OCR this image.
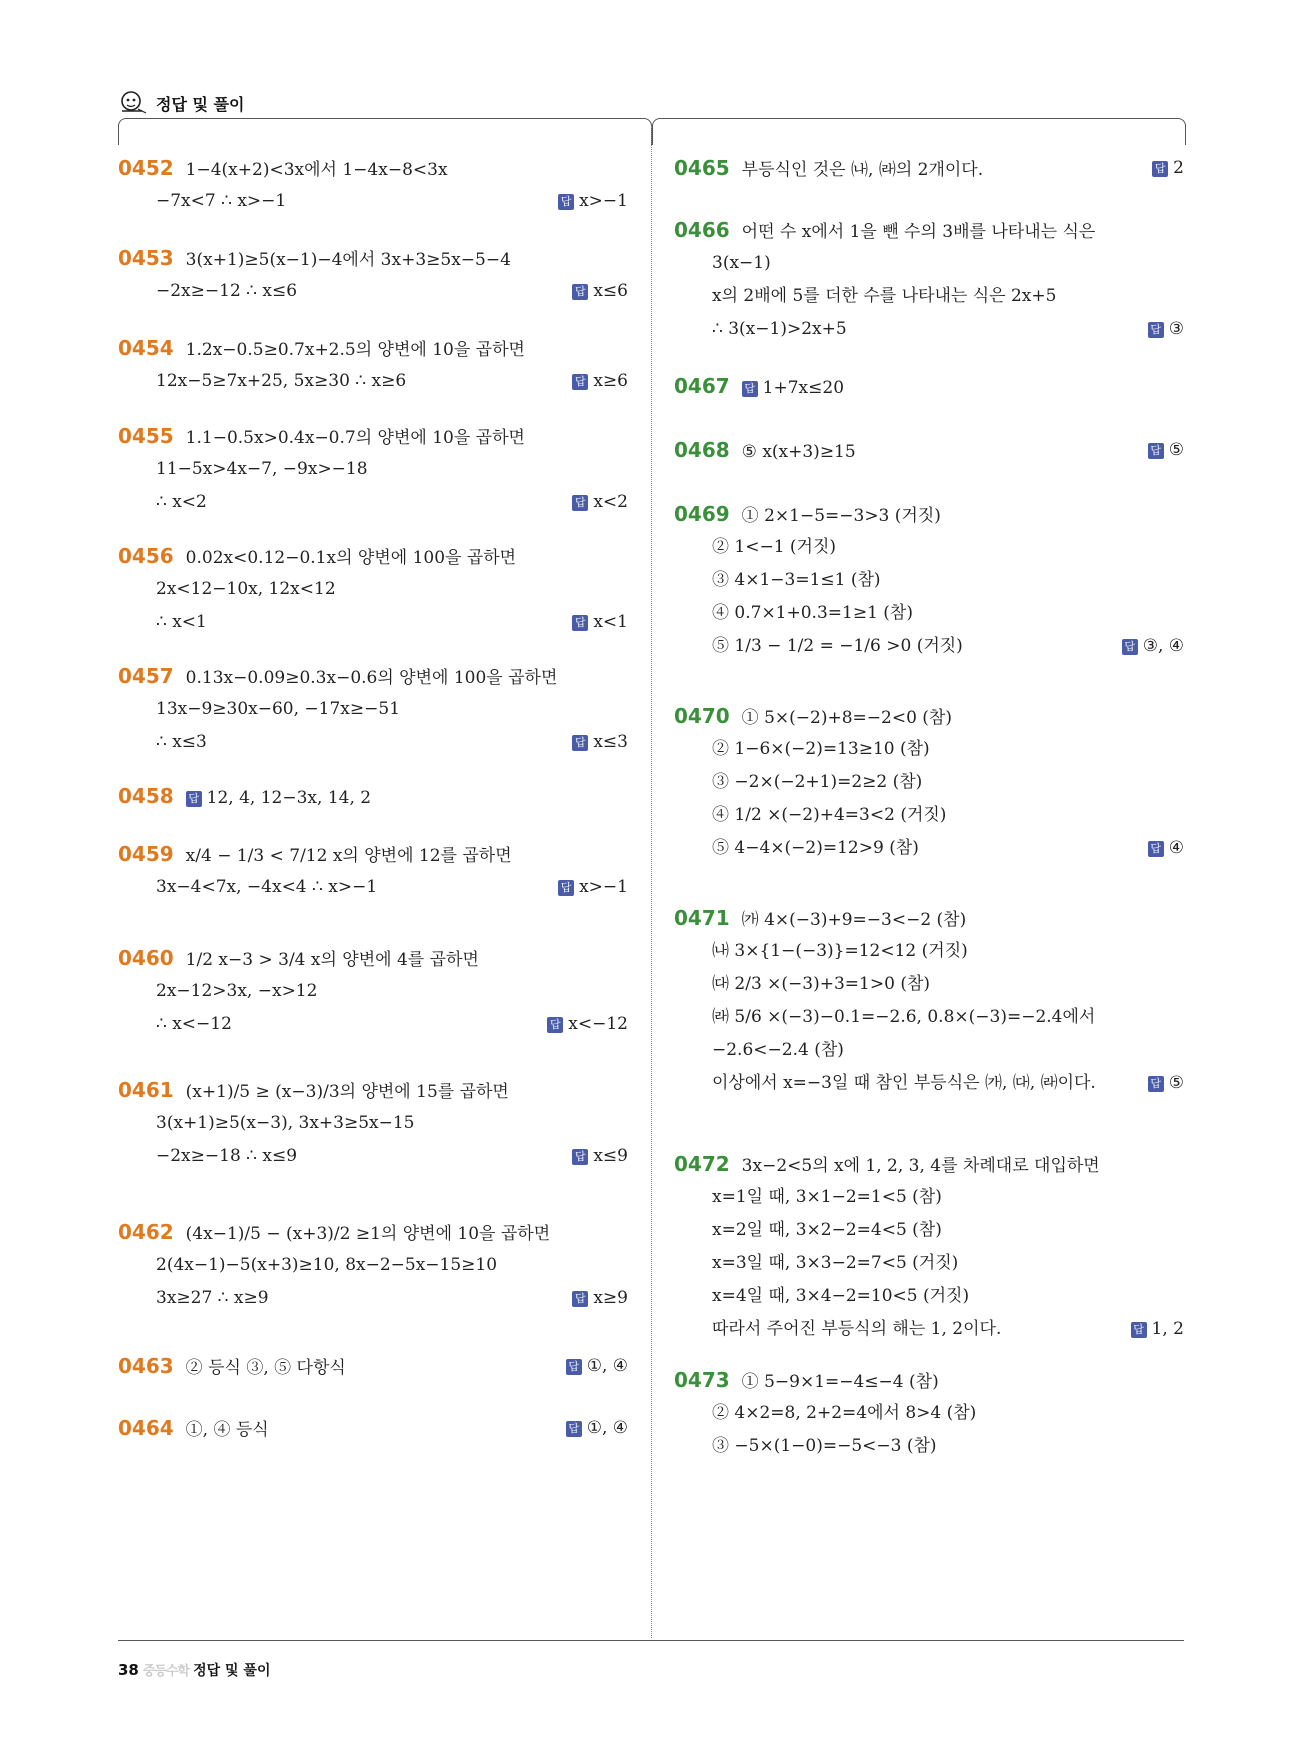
정답 및 풀이
0452 1−4(x+2)<3x에서 1−4x−8<3x
−7x<7 ∴ x>−1	답 x>−1
0453 3(x+1)≥5(x−1)−4에서 3x+3≥5x−5−4
−2x≥−12 ∴ x≤6	답 x≤6
0454 1.2x−0.5≥0.7x+2.5의 양변에 10을 곱하면
12x−5≥7x+25, 5x≥30 ∴ x≥6	답 x≥6
0455 1.1−0.5x>0.4x−0.7의 양변에 10을 곱하면
11−5x>4x−7, −9x>−18
∴ x<2	답 x<2
0456 0.02x<0.12−0.1x의 양변에 100을 곱하면
2x<12−10x, 12x<12
∴ x<1	답 x<1
0457 0.13x−0.09≥0.3x−0.6의 양변에 100을 곱하면
13x−9≥30x−60, −17x≥−51
∴ x≤3	답 x≤3
0458 답 12, 4, 12−3x, 14, 2
0459 x/4 − 1/3 < 7/12 x의 양변에 12를 곱하면
3x−4<7x, −4x<4 ∴ x>−1	답 x>−1
0460 1/2 x−3 > 3/4 x의 양변에 4를 곱하면
2x−12>3x, −x>12
∴ x<−12	답 x<−12
0461 (x+1)/5 ≥ (x−3)/3의 양변에 15를 곱하면
3(x+1)≥5(x−3), 3x+3≥5x−15
−2x≥−18 ∴ x≤9	답 x≤9
0462 (4x−1)/5 − (x+3)/2 ≥1의 양변에 10을 곱하면
2(4x−1)−5(x+3)≥10, 8x−2−5x−15≥10
3x≥27 ∴ x≥9	답 x≥9
0463 ② 등식 ③, ⑤ 다항식	답 ①, ④
0464 ①, ④ 등식	답 ①, ④
0465 부등식인 것은 ㈏, ㈑의 2개이다.	답 2
0466 어떤 수 x에서 1을 뺀 수의 3배를 나타내는 식은
3(x−1)
x의 2배에 5를 더한 수를 나타내는 식은 2x+5
∴ 3(x−1)>2x+5	답 ③
0467 답 1+7x≤20
0468 ⑤ x(x+3)≥15	답 ⑤
0469 ① 2×1−5=−3>3 (거짓)
② 1<−1 (거짓)
③ 4×1−3=1≤1 (참)
④ 0.7×1+0.3=1≥1 (참)
⑤ 1/3 − 1/2 = −1/6 >0 (거짓)	답 ③, ④
0470 ① 5×(−2)+8=−2<0 (참)
② 1−6×(−2)=13≥10 (참)
③ −2×(−2+1)=2≥2 (참)
④ 1/2 ×(−2)+4=3<2 (거짓)
⑤ 4−4×(−2)=12>9 (참)	답 ④
0471 ㈎ 4×(−3)+9=−3<−2 (참)
㈏ 3×{1−(−3)}=12<12 (거짓)
㈐ 2/3 ×(−3)+3=1>0 (참)
㈑ 5/6 ×(−3)−0.1=−2.6, 0.8×(−3)=−2.4에서
−2.6<−2.4 (참)
이상에서 x=−3일 때 참인 부등식은 ㈎, ㈐, ㈑이다.	답 ⑤
0472 3x−2<5의 x에 1, 2, 3, 4를 차례대로 대입하면
x=1일 때, 3×1−2=1<5 (참)
x=2일 때, 3×2−2=4<5 (참)
x=3일 때, 3×3−2=7<5 (거짓)
x=4일 때, 3×4−2=10<5 (거짓)
따라서 주어진 부등식의 해는 1, 2이다.	답 1, 2
0473 ① 5−9×1=−4≤−4 (참)
② 4×2=8, 2+2=4에서 8>4 (참)
③ −5×(1−0)=−5<−3 (참)
38 중등수학 정답 및 풀이
